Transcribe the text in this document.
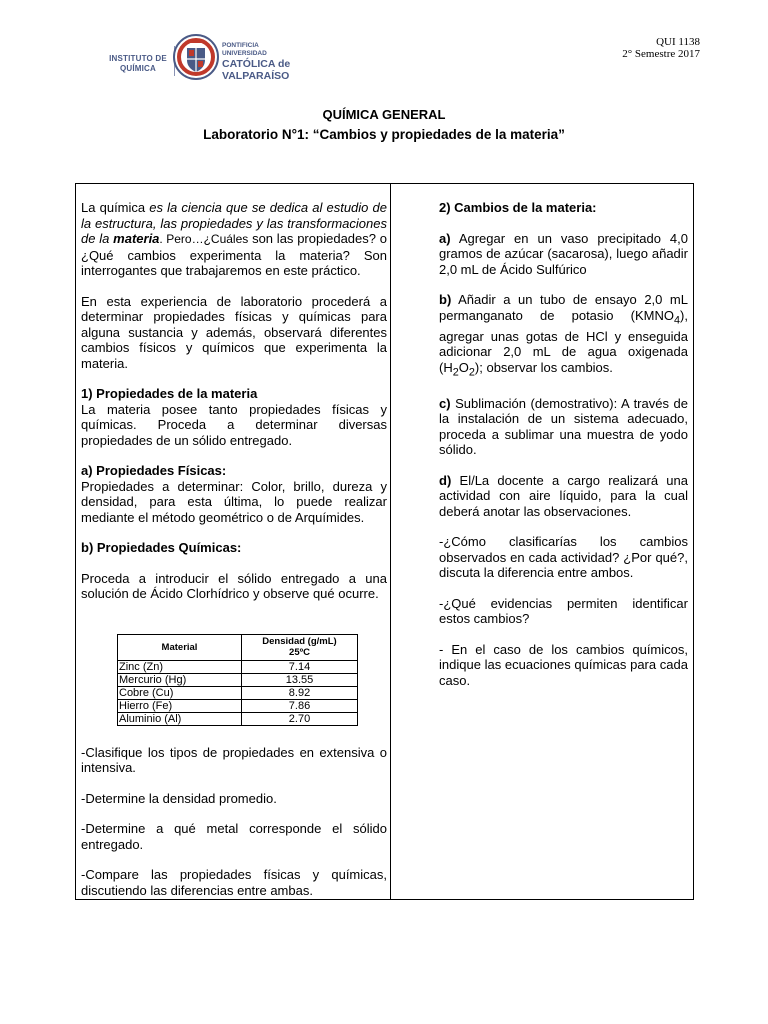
INSTITUTO DE
QUÍMICA
PONTIFICIA
UNIVERSIDAD
CATÓLICA de
VALPARAÍSO
QUI 1138
2° Semestre 2017
QUÍMICA GENERAL
Laboratorio N°1: “Cambios y propiedades de la materia”

La química es la ciencia que se dedica al estudio de la estructura, las propiedades y las transformaciones de la materia. Pero…¿Cuáles son las propiedades? o ¿Qué cambios experimenta la materia? Son interrogantes que trabajaremos en este práctico.

En esta experiencia de laboratorio procederá a determinar propiedades físicas y químicas para alguna sustancia y además, observará diferentes cambios físicos y químicos que experimenta la materia.

1) Propiedades de la materia

La materia posee tanto propiedades físicas y químicas. Proceda a determinar diversas propiedades de un sólido entregado.

a) Propiedades Físicas:

Propiedades a determinar: Color, brillo, dureza y densidad, para esta última, lo puede realizar mediante el método geométrico o de Arquímides.

b) Propiedades Químicas:

Proceda a introducir el sólido entregado a una solución de Ácido Clorhídrico y observe qué ocurre.

Material	Densidad (g/mL)
25ºC
Zinc (Zn)	7.14
Mercurio (Hg)	13.55
Cobre (Cu)	8.92
Hierro (Fe)	7.86
Aluminio (Al)	2.70

-Clasifique los tipos de propiedades en extensiva o intensiva.

-Determine la densidad promedio.

-Determine a qué metal corresponde el sólido entregado.

-Compare las propiedades físicas y químicas, discutiendo las diferencias entre ambas.

2) Cambios de la materia:

a) Agregar en un vaso precipitado 4,0 gramos de azúcar (sacarosa), luego añadir 2,0 mL de Ácido Sulfúrico

b) Añadir a un tubo de ensayo 2,0 mL permanganato de potasio $(KMNO_4)$, agregar unas gotas de HCl y enseguida adicionar 2,0 mL de agua oxigenada $(H_2O_2)$; observar los cambios.

c) Sublimación (demostrativo): A través de la instalación de un sistema adecuado, proceda a sublimar una muestra de yodo sólido.

d) El/La docente a cargo realizará una actividad con aire líquido, para la cual deberá anotar las observaciones.

-¿Cómo clasificarías los cambios observados en cada actividad? ¿Por qué?, discuta la diferencia entre ambos.

-¿Qué evidencias permiten identificar estos cambios?

- En el caso de los cambios químicos, indique las ecuaciones químicas para cada caso.
